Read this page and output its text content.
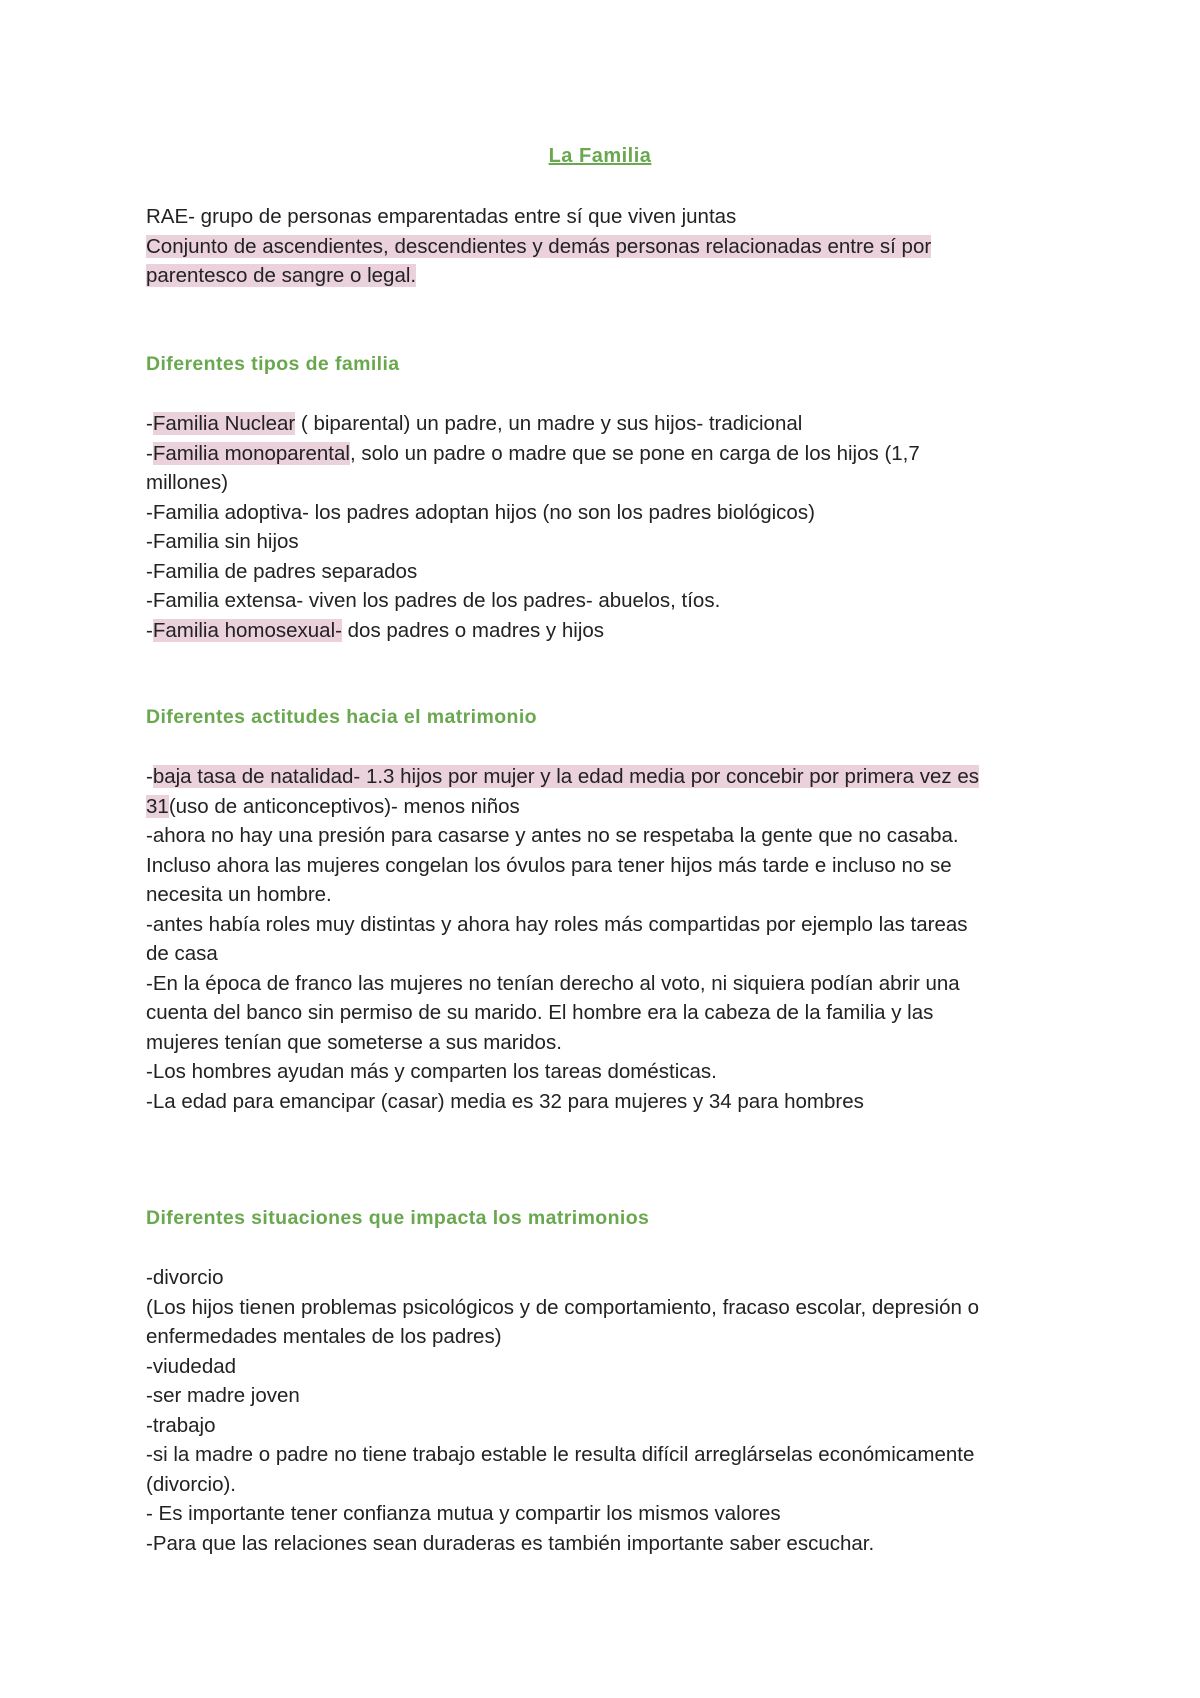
La Familia
RAE- grupo de personas emparentadas entre sí que viven juntas
Conjunto de ascendientes, descendientes y demás personas relacionadas entre sí por
parentesco de sangre o legal.
Diferentes tipos de familia
-Familia Nuclear ( biparental) un padre, un madre y sus hijos- tradicional
-Familia monoparental, solo un padre o madre que se pone en carga de los hijos (1,7
millones)
-Familia adoptiva- los padres adoptan hijos (no son los padres biológicos)
-Familia sin hijos
-Familia de padres separados
-Familia extensa- viven los padres de los padres- abuelos, tíos.
-Familia homosexual- dos padres o madres y hijos
Diferentes actitudes hacia el matrimonio
-baja tasa de natalidad- 1.3 hijos por mujer y la edad media por concebir por primera vez es
31(uso de anticonceptivos)- menos niños
-ahora no hay una presión para casarse y antes no se respetaba la gente que no casaba.
Incluso ahora las mujeres congelan los óvulos para tener hijos más tarde e incluso no se
necesita un hombre.
-antes había roles muy distintas y ahora hay roles más compartidas por ejemplo las tareas
de casa
-En la época de franco las mujeres no tenían derecho al voto, ni siquiera podían abrir una
cuenta del banco sin permiso de su marido. El hombre era la cabeza de la familia y las
mujeres tenían que someterse a sus maridos.
-Los hombres ayudan más y comparten los tareas domésticas.
-La edad para emancipar (casar) media es 32 para mujeres y 34 para hombres
Diferentes situaciones que impacta los matrimonios
-divorcio
(Los hijos tienen problemas psicológicos y de comportamiento, fracaso escolar, depresión o
enfermedades mentales de los padres)
-viudedad
-ser madre joven
-trabajo
-si la madre o padre no tiene trabajo estable le resulta difícil arreglárselas económicamente
(divorcio).
- Es importante tener confianza mutua y compartir los mismos valores
-Para que las relaciones sean duraderas es también importante saber escuchar.
